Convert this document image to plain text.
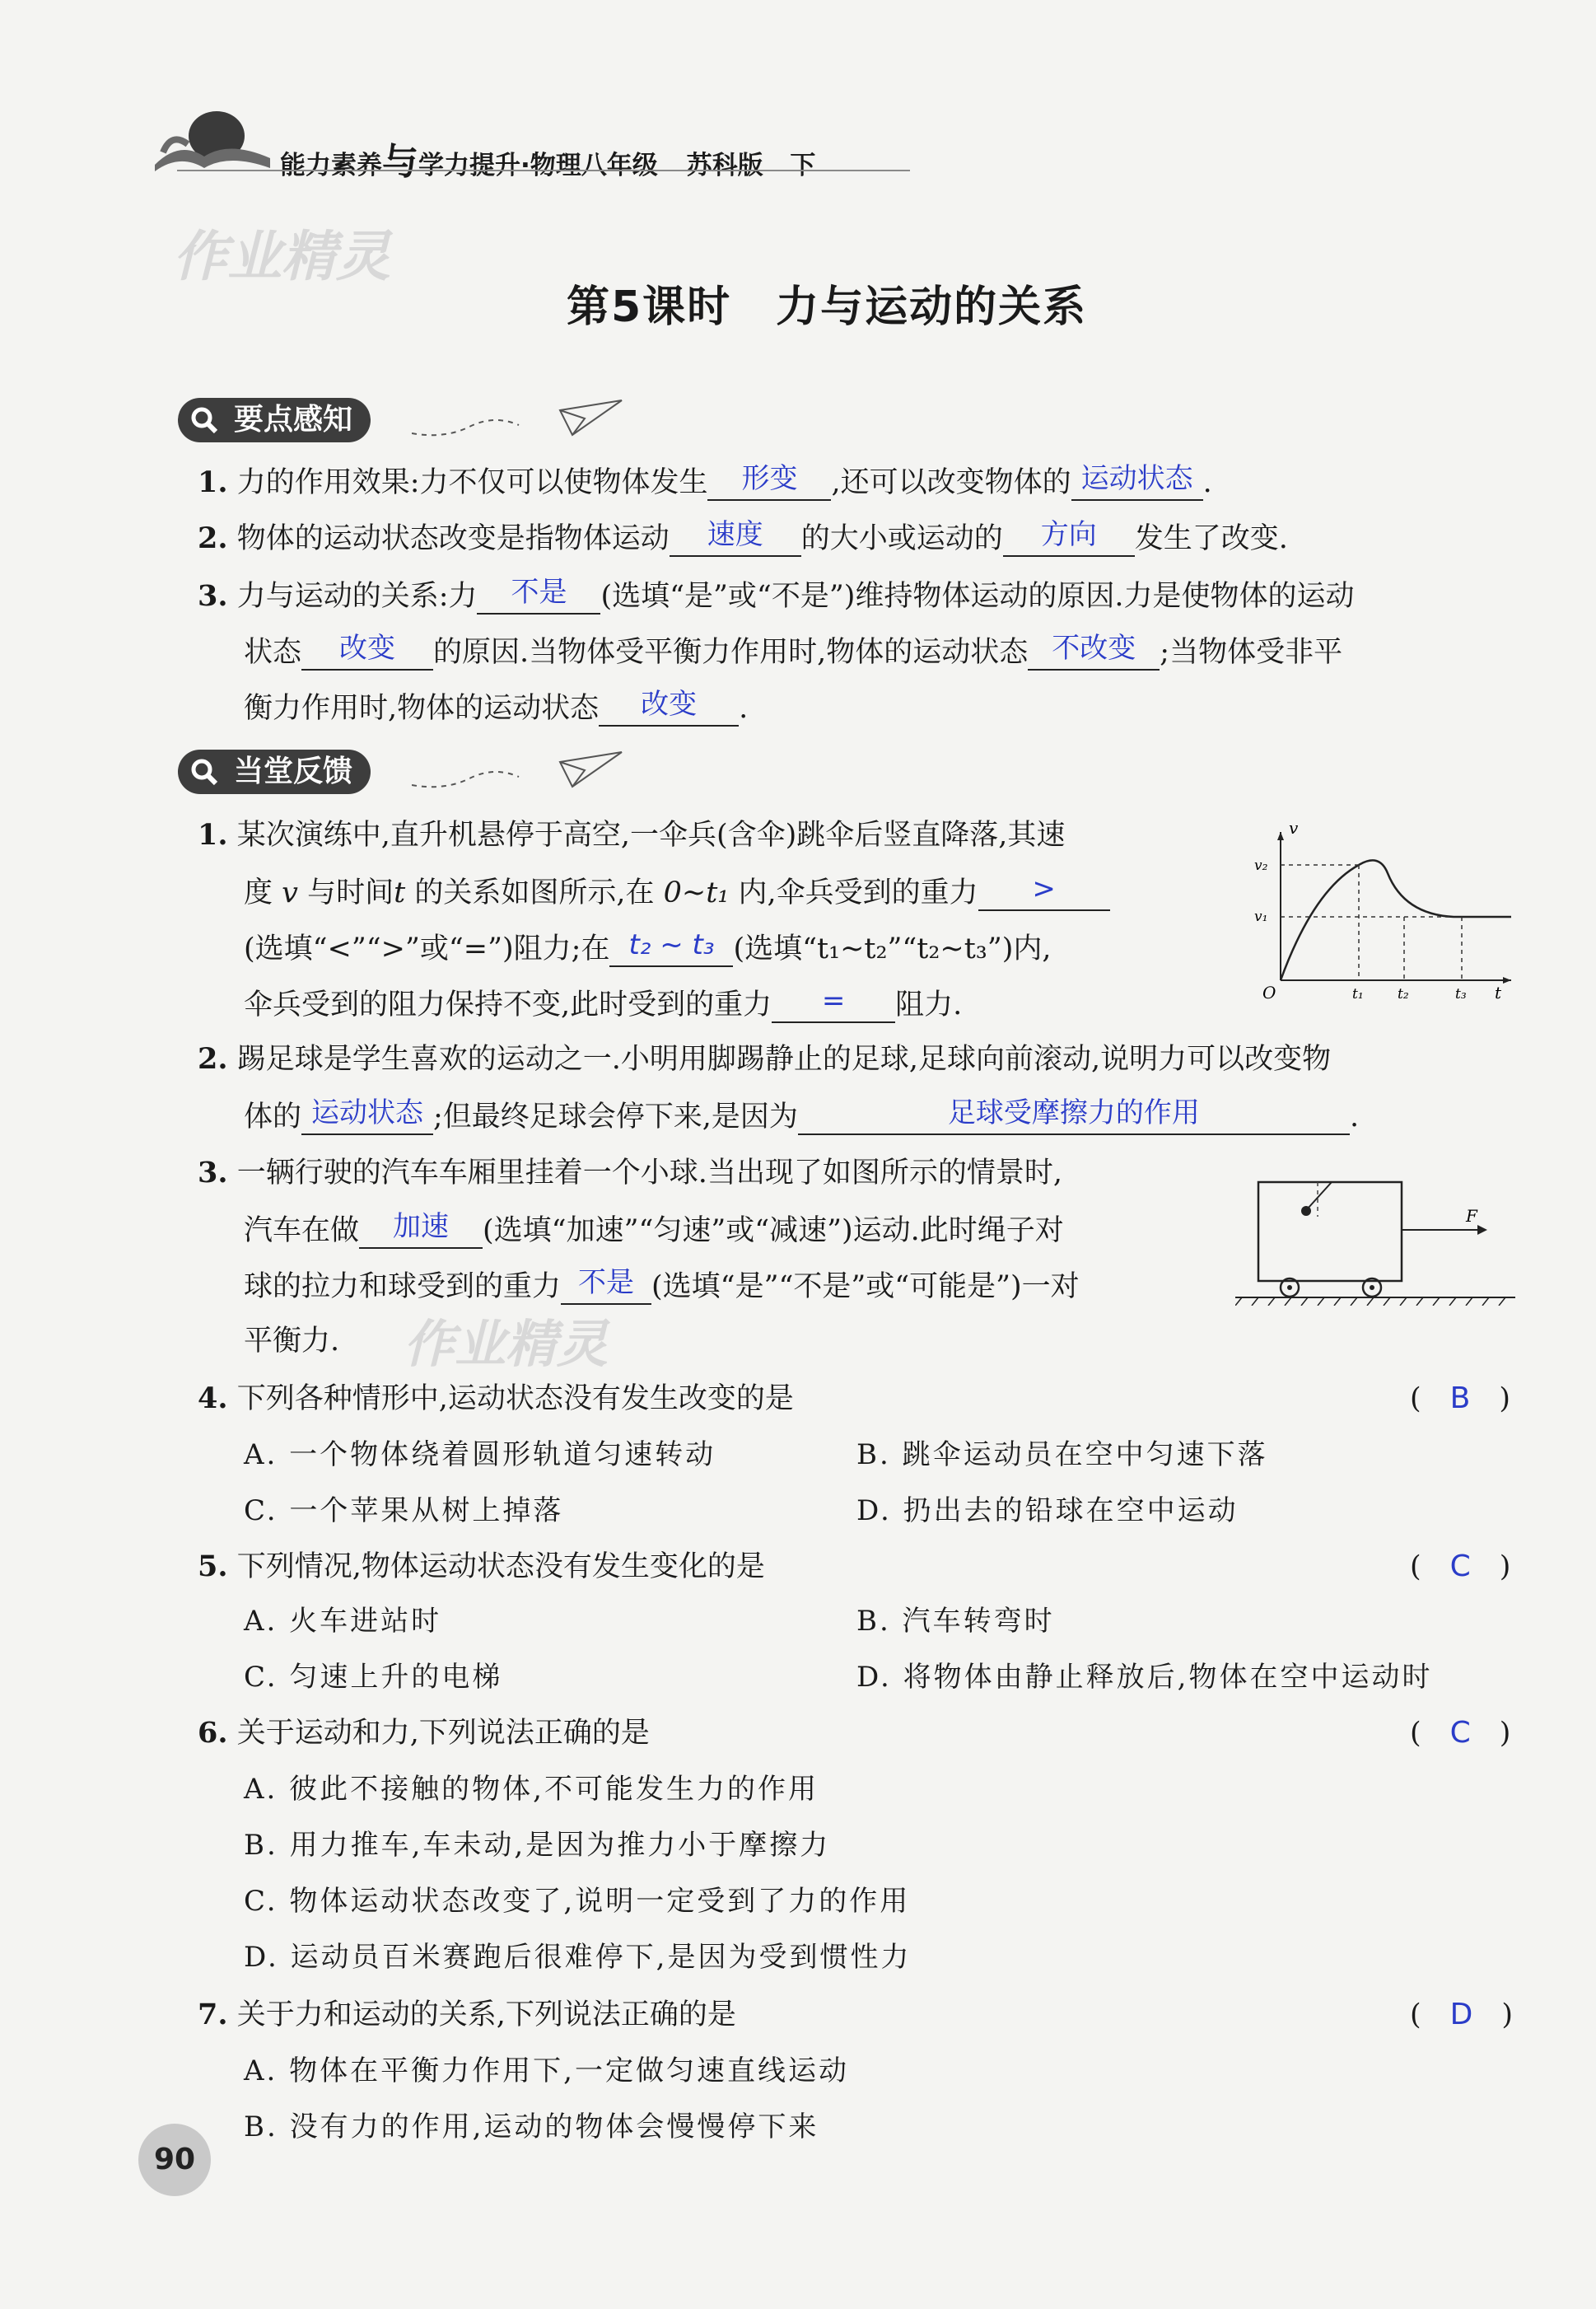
能力素养与学力提升·物理八年级 苏科版 下
作业精灵
作业精灵
第5课时　力与运动的关系
要点感知
1. 力的作用效果:力不仅可以使物体发生 形变 ,还可以改变物体的 运动状态 .
2. 物体的运动状态改变是指物体运动 速度 的大小或运动的 方向 发生了改变.
3. 力与运动的关系:力 不是 (选填“是”或“不是”)维持物体运动的原因.力是使物体的运动
状态 改变 的原因.当物体受平衡力作用时,物体的运动状态 不改变 ;当物体受非平
衡力作用时,物体的运动状态 改变 .
当堂反馈
1. 某次演练中,直升机悬停于高空,一伞兵(含伞)跳伞后竖直降落,其速
度 v 与时间t 的关系如图所示,在 0~t₁ 内,伞兵受到的重力 >
(选填“<”“>”或“=”)阻力;在 t₂ ~ t₃ (选填“t₁~t₂”“t₂~t₃”)内,
伞兵受到的阻力保持不变,此时受到的重力 = 阻力.
v
t
O
v₂
v₁
t₁ t₂	t₃
2. 踢足球是学生喜欢的运动之一.小明用脚踢静止的足球,足球向前滚动,说明力可以改变物
体的 运动状态 ;但最终足球会停下来,是因为	足球受摩擦力的作用	.
3. 一辆行驶的汽车车厢里挂着一个小球.当出现了如图所示的情景时,
汽车在做 加速 (选填“加速”“匀速”或“减速”)运动.此时绳子对
球的拉力和球受到的重力 不是 (选填“是”“不是”或“可能是”)一对
平衡力.
F
4. 下列各种情形中,运动状态没有发生改变的是	(　B　)
A. 一个物体绕着圆形轨道匀速转动	B. 跳伞运动员在空中匀速下落
C. 一个苹果从树上掉落	D. 扔出去的铅球在空中运动
5. 下列情况,物体运动状态没有发生变化的是	(　C　)
A. 火车进站时	B. 汽车转弯时
C. 匀速上升的电梯	D. 将物体由静止释放后,物体在空中运动时
6. 关于运动和力,下列说法正确的是	(　C　)
A. 彼此不接触的物体,不可能发生力的作用
B. 用力推车,车未动,是因为推力小于摩擦力
C. 物体运动状态改变了,说明一定受到了力的作用
D. 运动员百米赛跑后很难停下,是因为受到惯性力
7. 关于力和运动的关系,下列说法正确的是	(　D　)
A. 物体在平衡力作用下,一定做匀速直线运动
B. 没有力的作用,运动的物体会慢慢停下来
90
